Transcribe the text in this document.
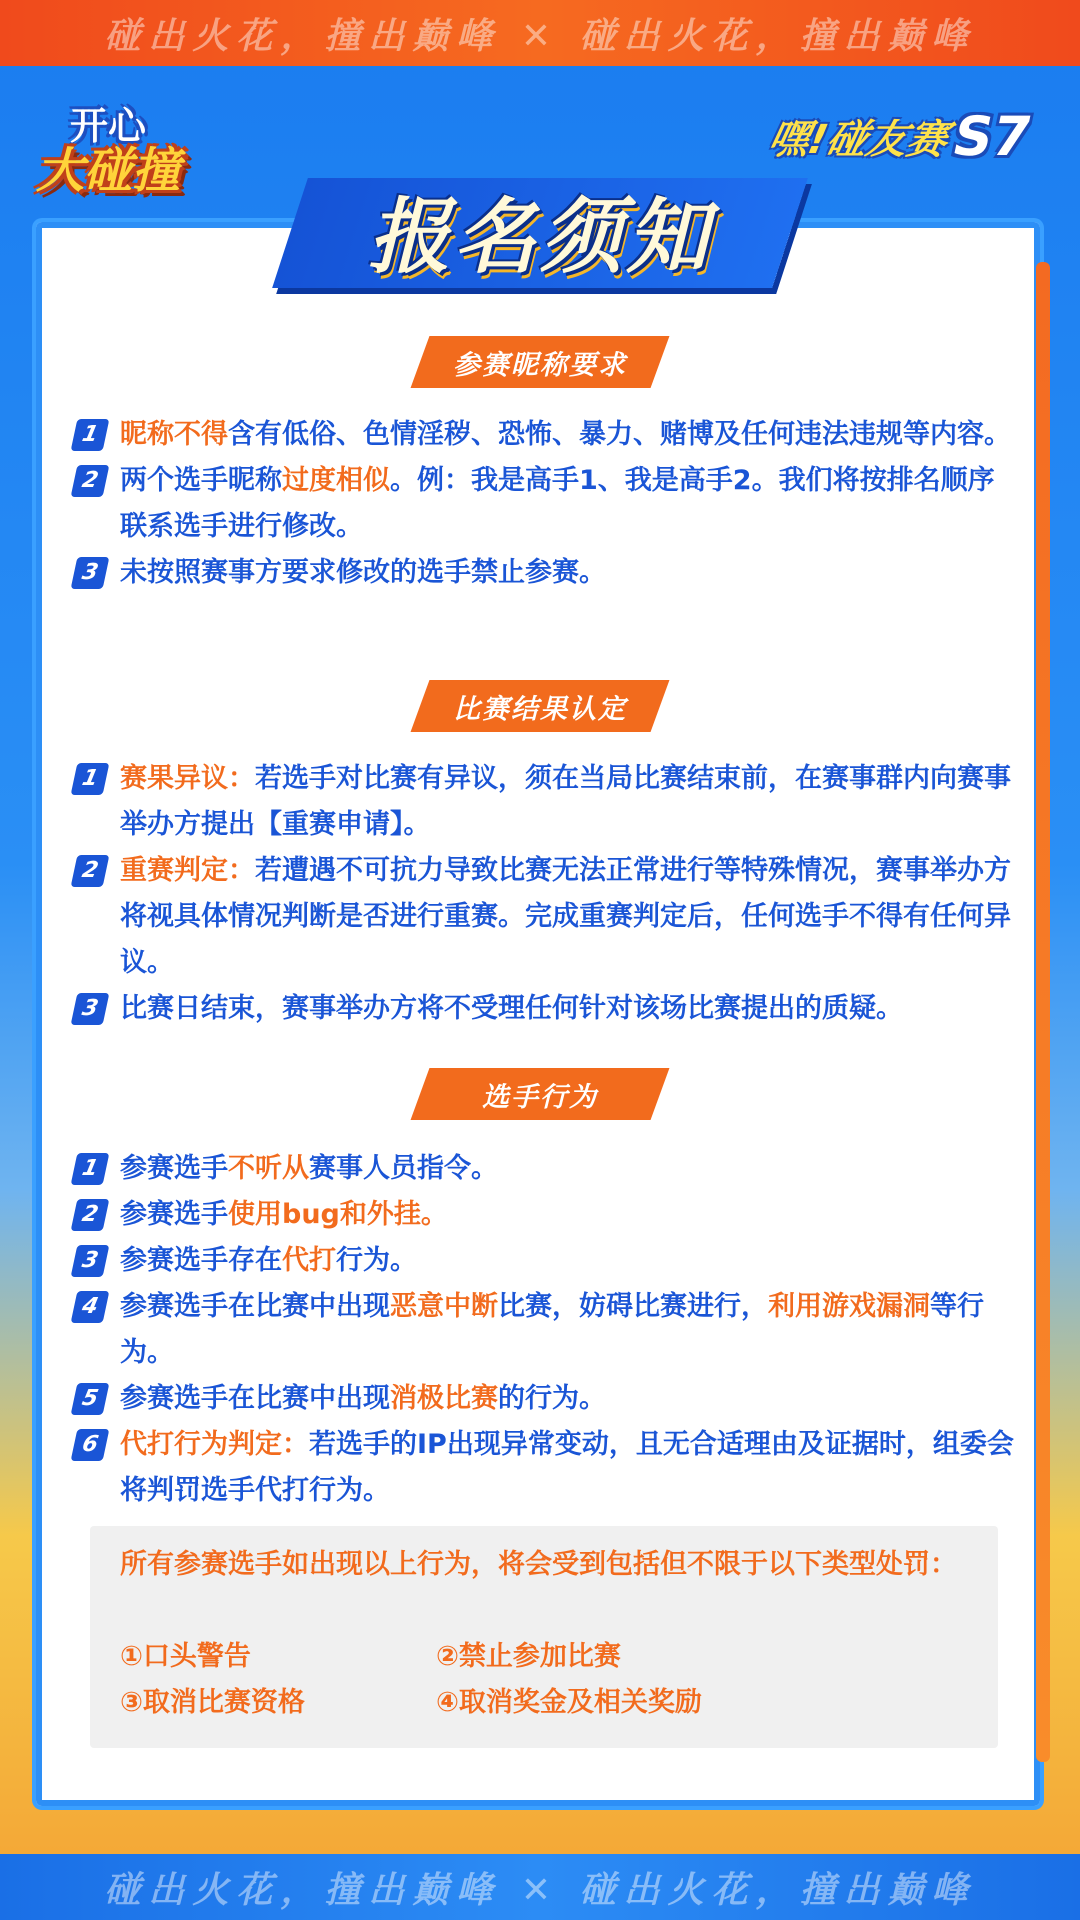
碰出火花，撞出巅峰 ✕ 碰出火花，撞出巅峰
开心
大碰撞
嘿!碰友赛
S7
报名须知
参赛昵称要求
1 昵称不得含有低俗、色情淫秽、恐怖、暴力、赌博及任何违法违规等内容。
2 两个选手昵称过度相似。例：我是高手1、我是高手2。我们将按排名顺序联系选手进行修改。
3 未按照赛事方要求修改的选手禁止参赛。
比赛结果认定
1 赛果异议：若选手对比赛有异议，须在当局比赛结束前，在赛事群内向赛事举办方提出【重赛申请】。
2 重赛判定：若遭遇不可抗力导致比赛无法正常进行等特殊情况，赛事举办方将视具体情况判断是否进行重赛。完成重赛判定后，任何选手不得有任何异议。
3 比赛日结束，赛事举办方将不受理任何针对该场比赛提出的质疑。
选手行为
1 参赛选手不听从赛事人员指令。
2 参赛选手使用bug和外挂。
3 参赛选手存在代打行为。
4 参赛选手在比赛中出现恶意中断比赛，妨碍比赛进行，利用游戏漏洞等行为。
5 参赛选手在比赛中出现消极比赛的行为。
6 代打行为判定：若选手的IP出现异常变动，且无合适理由及证据时，组委会将判罚选手代打行为。
所有参赛选手如出现以上行为，将会受到包括但不限于以下类型处罚：
①口头警告	②禁止参加比赛
③取消比赛资格	④取消奖金及相关奖励
碰出火花，撞出巅峰 ✕ 碰出火花，撞出巅峰
